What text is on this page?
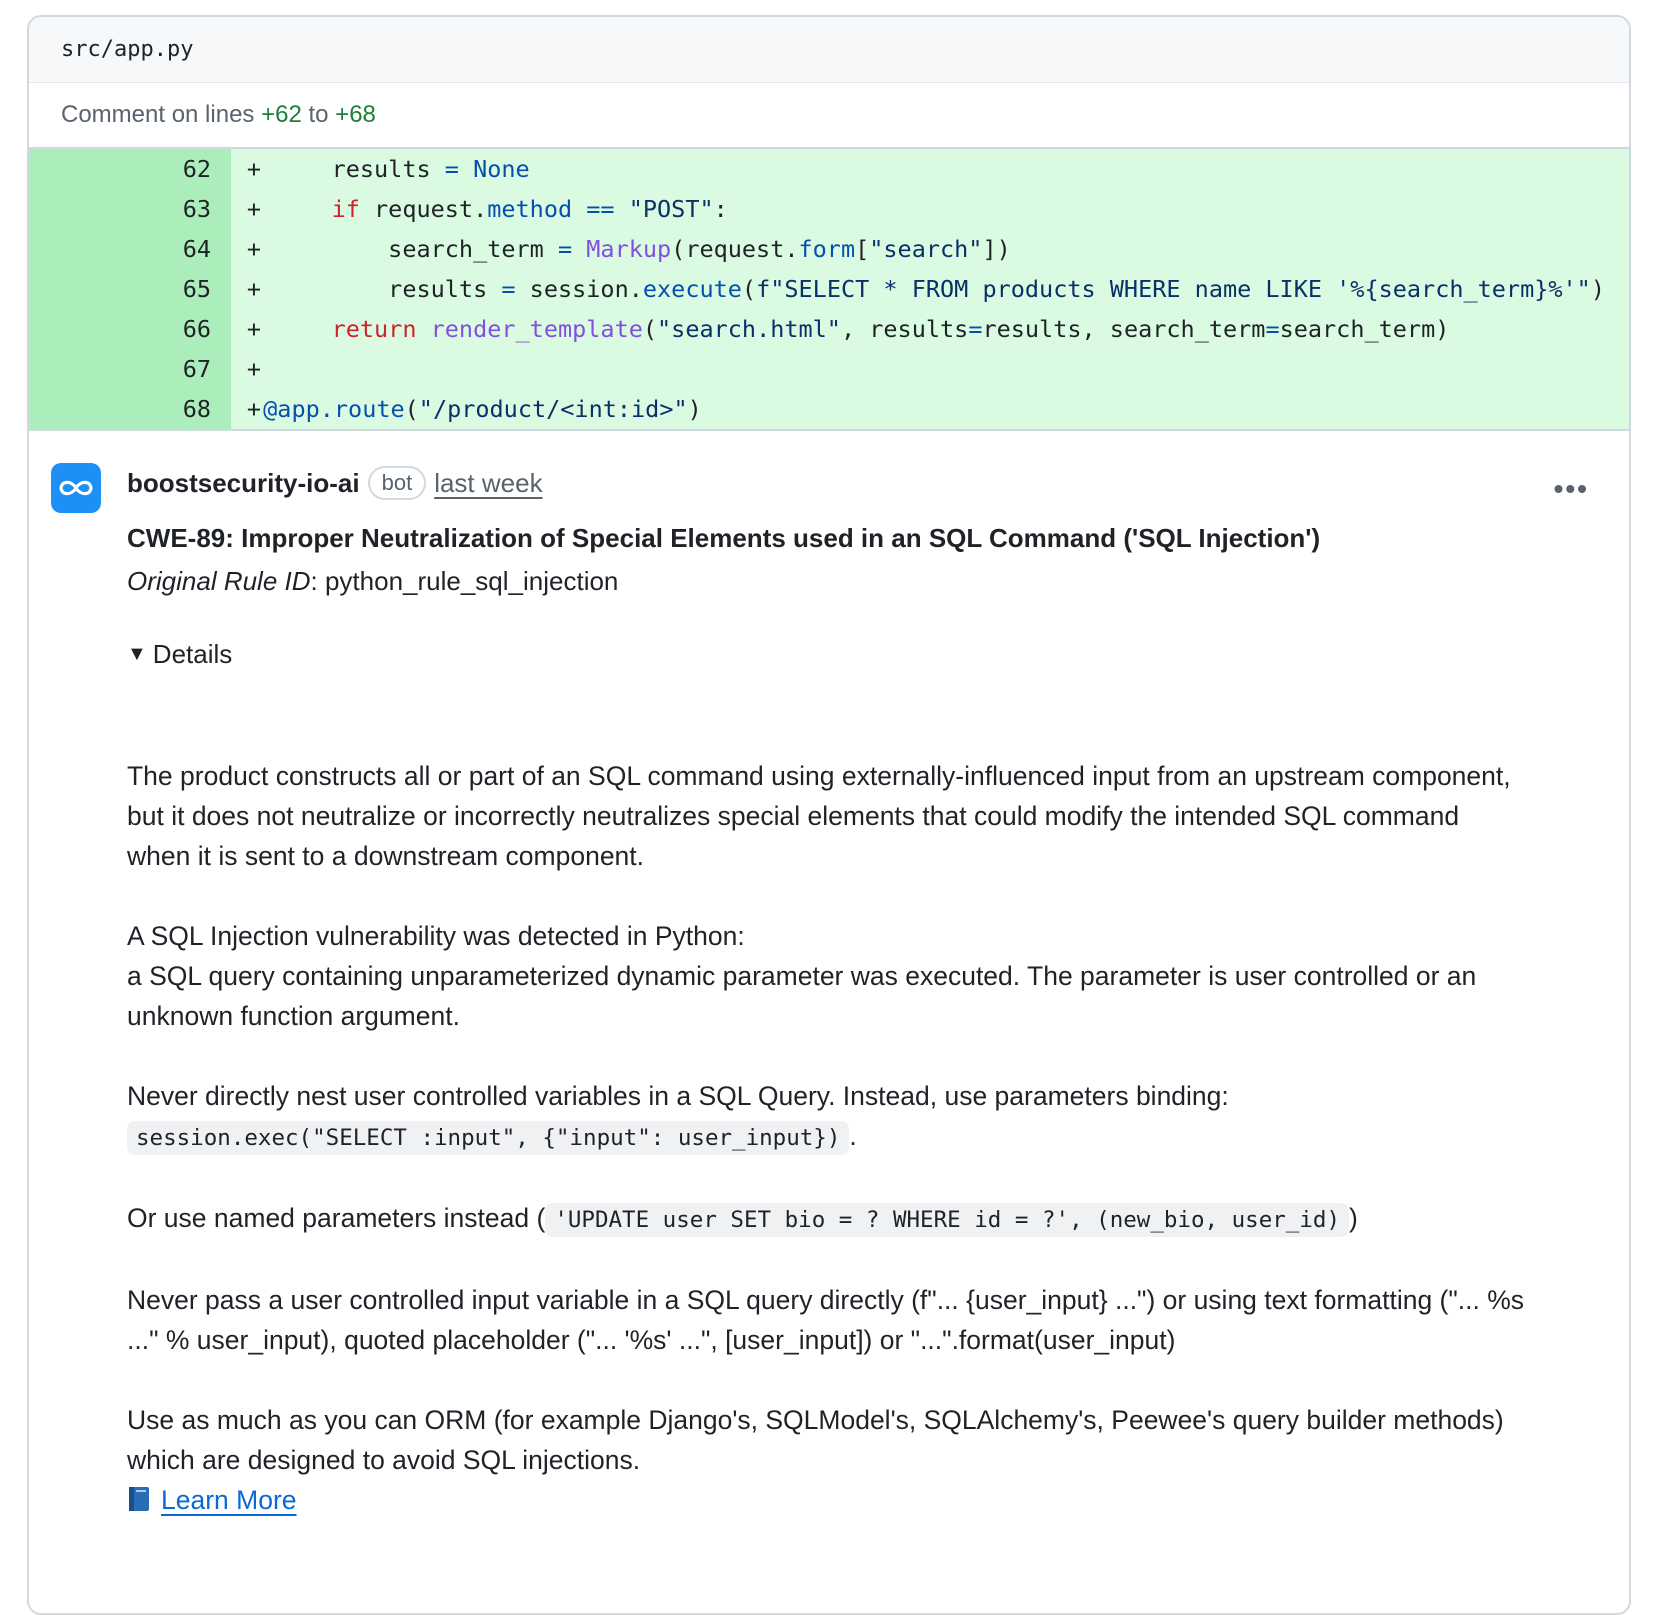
src/app.py
Comment on lines
+62
to
+68
62	+ results = None
63	+	if request.method == "POST":
64	+ search_term = Markup(request.form["search"])
65	+ results = session.execute(f"SELECT * FROM products WHERE name LIKE '%{search_term}%'")
66	+	return render_template("search.html", results=results, search_term=search_term)
67	+
68	+ @app.route("/product/<int:id>")
•••
boostsecurity-io-ai	bot last week
CWE-89: Improper Neutralization of Special Elements used in an SQL Command ('SQL Injection')
Original Rule ID: python_rule_sql_injection
▼ Details

The product constructs all or part of an SQL command using externally-influenced input from an upstream component, but it does not neutralize or incorrectly neutralizes special elements that could modify the intended SQL command when it is sent to a downstream component.

A SQL Injection vulnerability was detected in Python:
a SQL query containing unparameterized dynamic parameter was executed. The parameter is user controlled or an unknown function argument.

Never directly nest user controlled variables in a SQL Query. Instead, use parameters binding:
session.exec("SELECT :input", {"input": user_input}) .

Or use named parameters instead ( 'UPDATE user SET bio = ? WHERE id = ?', (new_bio, user_id) )

Never pass a user controlled input variable in a SQL query directly (f"... {user_input} ...") or using text formatting ("... %s ..." % user_input), quoted placeholder ("... '%s' ...", [user_input]) or "...".format(user_input)

Use as much as you can ORM (for example Django's, SQLModel's, SQLAlchemy's, Peewee's query builder methods) which are designed to avoid SQL injections.
Learn More
